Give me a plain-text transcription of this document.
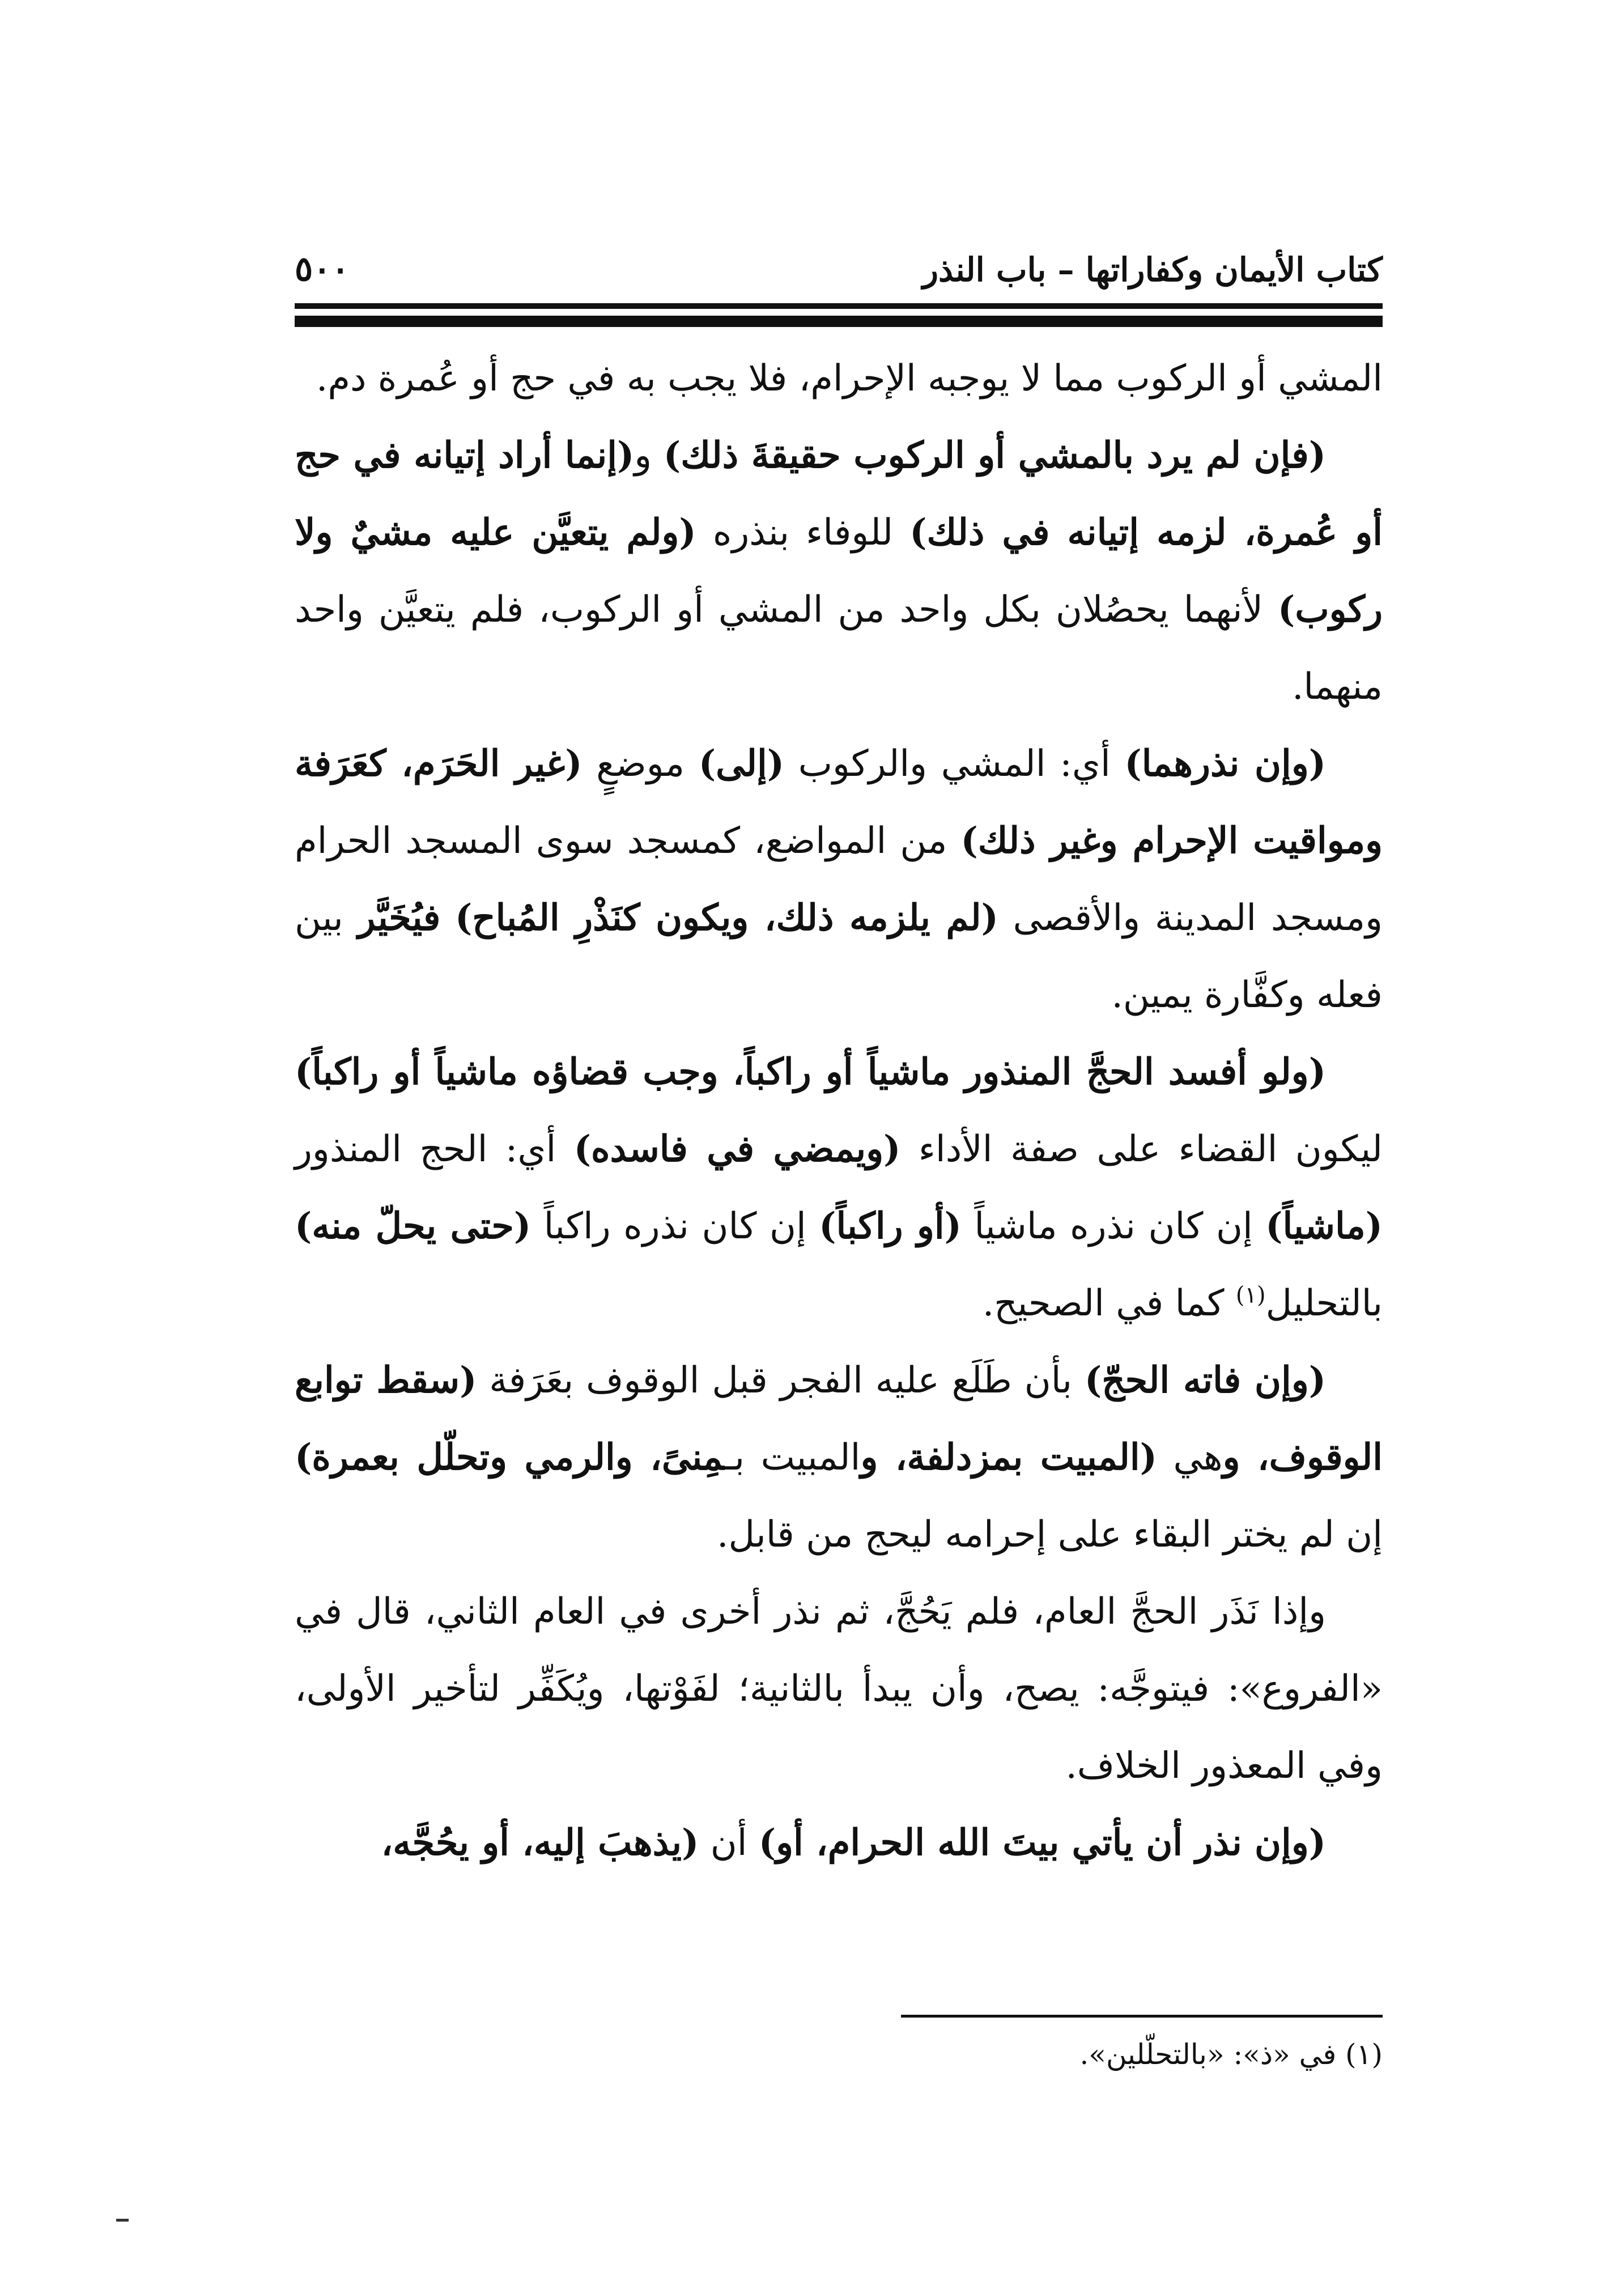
كتاب الأيمان وكفاراتها – باب النذر
٥٠٠

المشي أو الركوب مما لا يوجبه الإحرام، فلا يجب به في حج أو عُمرة دم.

(فإن لم يرد بالمشي أو الركوب حقيقةَ ذلك) و(إنما أراد إتيانه في حج أو عُمرة، لزمه إتيانه في ذلك) للوفاء بنذره (ولم يتعيَّن عليه مشيٌ ولا ركوب) لأنهما يحصُلان بكل واحد من المشي أو الركوب، فلم يتعيَّن واحد منهما.

(وإن نذرهما) أي: المشي والركوب (إلى) موضعٍ (غير الحَرَم، كعَرَفة ومواقيت الإحرام وغير ذلك) من المواضع، كمسجد سوى المسجد الحرام ومسجد المدينة والأقصى (لم يلزمه ذلك، ويكون كنَذْرِ المُباح) فيُخَيَّر بين فعله وكفَّارة يمين.

(ولو أفسد الحجَّ المنذور ماشياً أو راكباً، وجب قضاؤه ماشياً أو راكباً) ليكون القضاء على صفة الأداء (ويمضي في فاسده) أي: الحج المنذور (ماشياً) إن كان نذره ماشياً (أو راكباً) إن كان نذره راكباً (حتى يحلّ منه) بالتحليل$^{(١)}$ كما في الصحيح.

(وإن فاته الحجّ) بأن طَلَع عليه الفجر قبل الوقوف بعَرَفة (سقط توابع الوقوف، وهي (المبيت بمزدلفة، والمبيت بـمِنىً، والرمي وتحلّل بعمرة) إن لم يختر البقاء على إحرامه ليحج من قابل.

وإذا نَذَر الحجَّ العام، فلم يَحُجَّ، ثم نذر أخرى في العام الثاني، قال في «الفروع»: فيتوجَّه: يصح، وأن يبدأ بالثانية؛ لفَوْتها، ويُكَفِّر لتأخير الأولى، وفي المعذور الخلاف.

(وإن نذر أن يأتي بيتَ الله الحرام، أو) أن (يذهبَ إليه، أو يحُجَّه،

(١) في «ذ»: «بالتحلّلين».
